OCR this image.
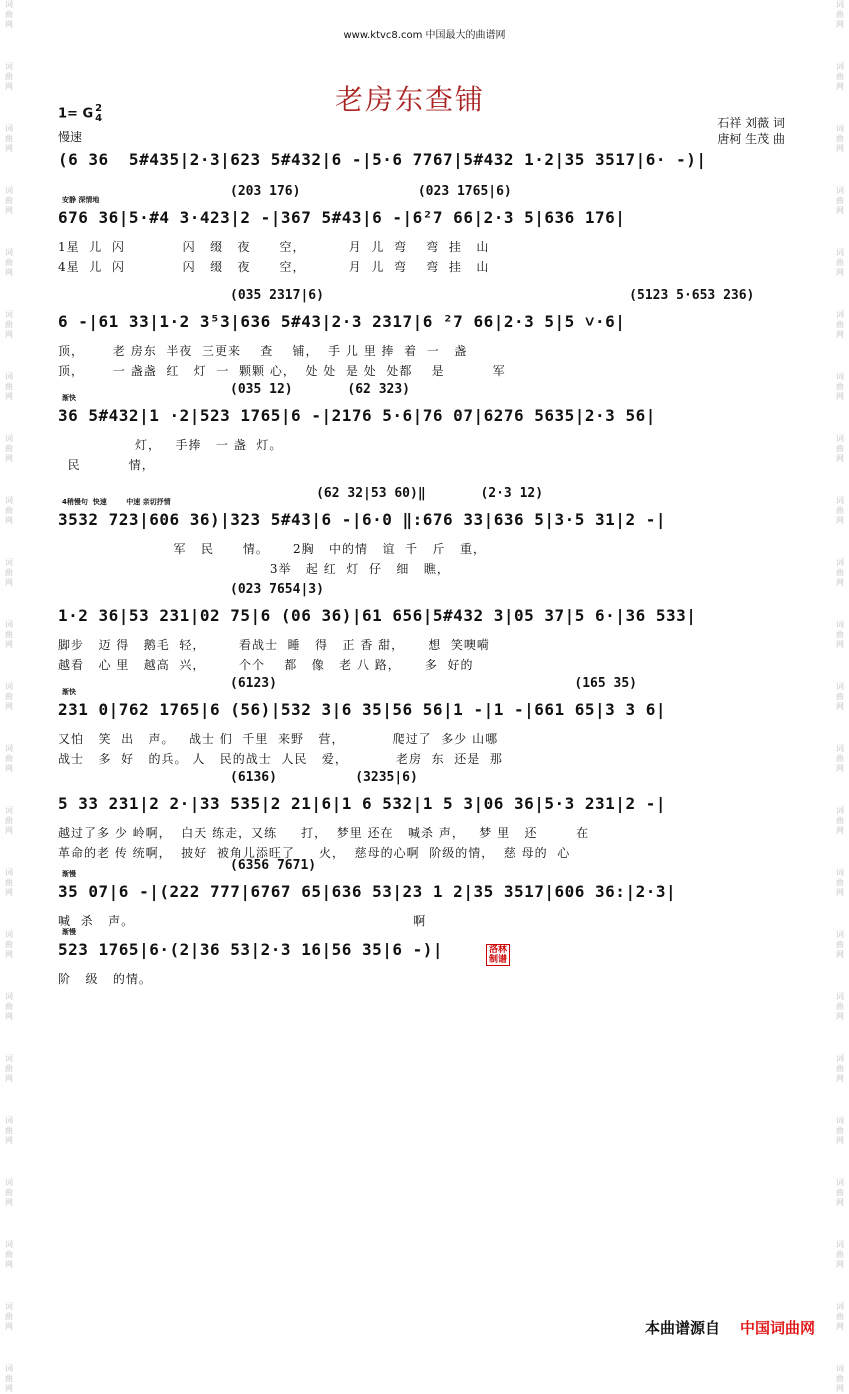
词
曲
网
词
曲
网
词
曲
网
词
曲
网
词
曲
网
词
曲
网
词
曲
网
词
曲
网
词
曲
网
词
曲
网
词
曲
网
词
曲
网
词
曲
网
词
曲
网
词
曲
网
词
曲
网
词
曲
网
词
曲
网
词
曲
网
词
曲
网
词
曲
网
词
曲
网
词
曲
网
词
曲
网
词
曲
网
词
曲
网
词
曲
网
词
曲
网
词
曲
网
词
曲
网
词
曲
网
词
曲
网
词
曲
网
词
曲
网
词
曲
网
词
曲
网
词
曲
网
词
曲
网
词
曲
网
词
曲
网
词
曲
网
词
曲
网
词
曲
网
词
曲
网
词
曲
网
词
曲
网
www.ktvc8.com 中国最大的曲谱网
老房东查铺
1= G 2
4
慢速
石祥 刘薇 词
唐柯 生茂 曲
(6 36  5#435|2·3|623 5#432|6 -|5·6 7767|5#432 1·2|35 3517|6· -)|
676 36|5·#4 3·423|2 -|367 5#43|6 -|6²7 66|2·3 5|636 176|
(203 176)               (023 1765|6)
安静 深情地
1星  儿  闪            闪   缀   夜      空，         月  儿  弯    弯  挂   山
4星  儿  闪            闪   缀   夜      空，         月  儿  弯    弯  挂   山
6 -|61 33|1·2 3⁵3|636 5#43|2·3 2317|6 ²7 66|2·3 5|5 ˅·6|
(035 2317|6)                                       (5123 5·653 236)
顶，      老 房东  半夜  三更来    查    铺，  手 儿 里 捧  着  一   盏
顶，      一 盏盏  红   灯  一  颗颗 心，  处 处  是 处  处都    是          军
36 5#432|1 ·2|523 1765|6 -|2176 5·6|76 07|6276 5635|2·3 56|
(035 12)       (62 323)
渐快
灯，   手捧   一 盏  灯。
民          情，
3532 723|606 36)|323 5#43|6 -|6·0 ‖:676 33|636 5|3·5 31|2 -|
(62 32|53 60)‖       (2·3 12)
4稍慢句  快速        中速 亲切抒情
军   民      情。     2胸   中的情   谊  千   斤   重，
3举   起 红  灯  仔   细   瞧，
1·2 36|53 231|02 75|6 (06 36)|61 656|5#432 3|05 37|5 6·|36 533|
(023 7654|3)
脚步   迈 得   鹅毛  轻，       看战士  睡   得   正 香 甜，     想  笑噢嗬
越看   心 里   越高  兴，       个个    都   像   老 八 路，     多  好的
231 0|762 1765|6 (56)|532 3|6 35|56 56|1 -|1 -|661 65|3 3 6|
(6123)                                      (165 35)
渐快
又怕   笑  出   声。   战士 们  千里  来野   营，          爬过了  多少 山哪
战士   多  好   的兵。 人   民的战士  人民   爱，          老房  东  还是  那
5 33 231|2 2·|33 535|2 21|6|1 6 532|1 5 3|06 36|5·3 231|2 -|
(6136)          (3235|6)
越过了多 少 岭啊，  白天 练走，又练     打，  梦里 还在   喊杀 声，   梦 里   还        在
革命的老 传 统啊，  披好  被角儿添旺了     火，  慈母的心啊  阶级的情，  慈 母的  心
35 07|6 -|(222 777|6767 65|636 53|23 1 2|35 3517|606 36:|2·3|
(6356 7671)
渐慢
喊  杀   声。                                                          啊
523 1765|6·(2|36 53|2·3 16|56 35|6 -)|
渐慢
阶   级   的情。
洛林制谱
本曲谱源自 中国词曲网
